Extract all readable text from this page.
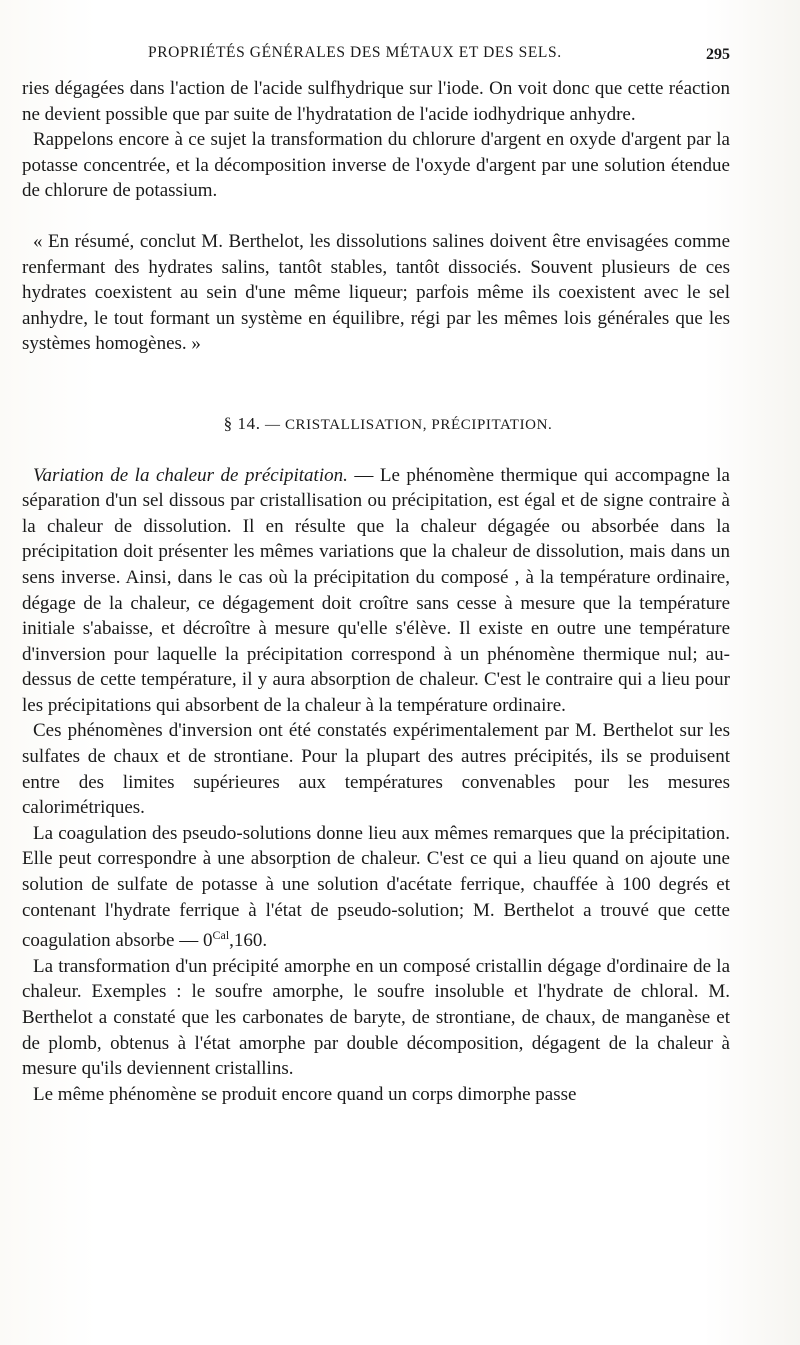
PROPRIÉTÉS GÉNÉRALES DES MÉTAUX ET DES SELS.	295

ries dégagées dans l'action de l'acide sulfhydrique sur l'iode. On voit donc que cette réaction ne devient possible que par suite de l'hydratation de l'acide iodhydrique anhydre.

Rappelons encore à ce sujet la transformation du chlorure d'argent en oxyde d'argent par la potasse concentrée, et la décomposition inverse de l'oxyde d'argent par une solution étendue de chlorure de potassium.

« En résumé, conclut M. Berthelot, les dissolutions salines doivent être envisagées comme renfermant des hydrates salins, tantôt stables, tantôt dissociés. Souvent plusieurs de ces hydrates coexistent au sein d'une même liqueur; parfois même ils coexistent avec le sel anhydre, le tout formant un système en équilibre, régi par les mêmes lois générales que les systèmes homogènes. »

§ 14. — CRISTALLISATION, PRÉCIPITATION.

Variation de la chaleur de précipitation. — Le phénomène thermique qui accompagne la séparation d'un sel dissous par cristallisation ou précipitation, est égal et de signe contraire à la chaleur de dissolution. Il en résulte que la chaleur dégagée ou absorbée dans la précipitation doit présenter les mêmes variations que la chaleur de dissolution, mais dans un sens inverse. Ainsi, dans le cas où la précipitation du composé , à la température ordinaire, dégage de la chaleur, ce dégagement doit croître sans cesse à mesure que la température initiale s'abaisse, et décroître à mesure qu'elle s'élève. Il existe en outre une température d'inversion pour laquelle la précipitation correspond à un phénomène thermique nul; au-dessus de cette température, il y aura absorption de chaleur. C'est le contraire qui a lieu pour les précipitations qui absorbent de la chaleur à la température ordinaire.

Ces phénomènes d'inversion ont été constatés expérimentalement par M. Berthelot sur les sulfates de chaux et de strontiane. Pour la plupart des autres précipités, ils se produisent entre des limites supérieures aux températures convenables pour les mesures calorimétriques.

La coagulation des pseudo-solutions donne lieu aux mêmes remarques que la précipitation. Elle peut correspondre à une absorption de chaleur. C'est ce qui a lieu quand on ajoute une solution de sulfate de potasse à une solution d'acétate ferrique, chauffée à 100 degrés et contenant l'hydrate ferrique à l'état de pseudo-solution; M. Berthelot a trouvé que cette coagulation absorbe — $0^{Cal},160$.

La transformation d'un précipité amorphe en un composé cristallin dégage d'ordinaire de la chaleur. Exemples : le soufre amorphe, le soufre insoluble et l'hydrate de chloral. M. Berthelot a constaté que les carbonates de baryte, de strontiane, de chaux, de manganèse et de plomb, obtenus à l'état amorphe par double décomposition, dégagent de la chaleur à mesure qu'ils deviennent cristallins.

Le même phénomène se produit encore quand un corps dimorphe passe
